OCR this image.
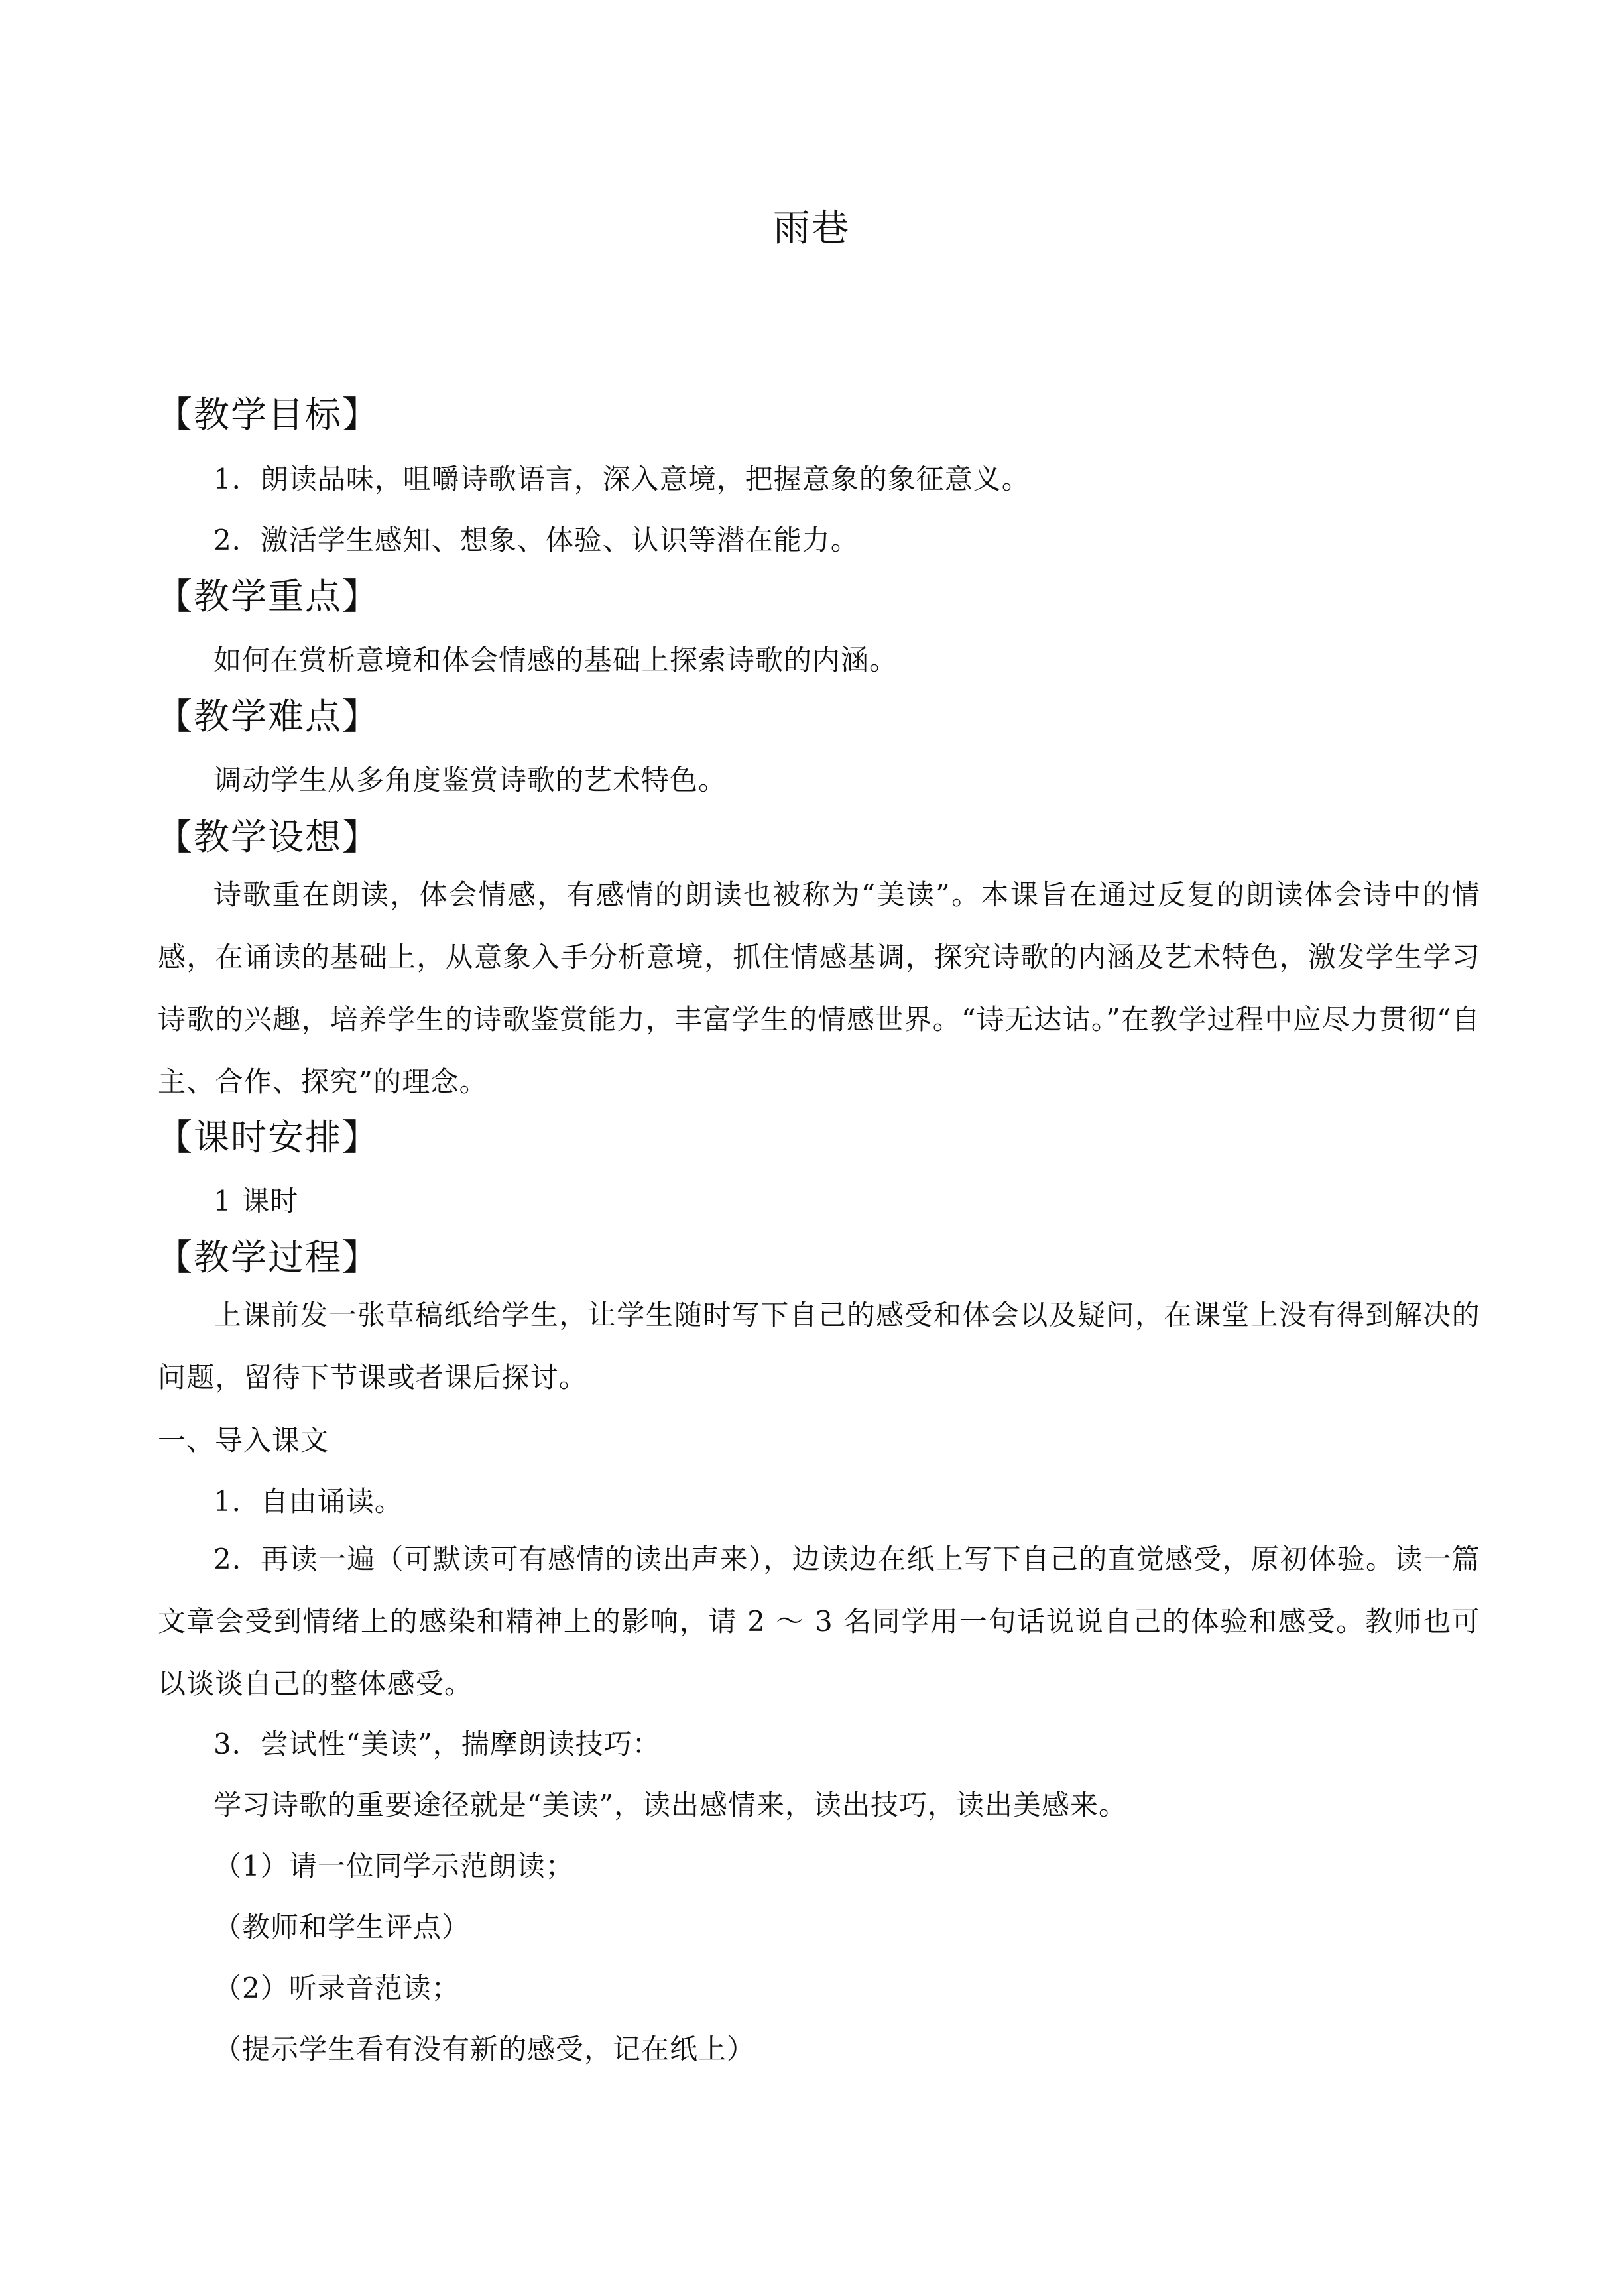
雨巷
【教学目标】
1．朗读品味，咀嚼诗歌语言，深入意境，把握意象的象征意义。
2．激活学生感知、想象、体验、认识等潜在能力。
【教学重点】
如何在赏析意境和体会情感的基础上探索诗歌的内涵。
【教学难点】
调动学生从多角度鉴赏诗歌的艺术特色。
【教学设想】
诗歌重在朗读，体会情感，有感情的朗读也被称为“美读”。本课旨在通过反复的朗读体会诗中的情感，在诵读的基础上，从意象入手分析意境，抓住情感基调，探究诗歌的内涵及艺术特色，激发学生学习诗歌的兴趣，培养学生的诗歌鉴赏能力，丰富学生的情感世界。“诗无达诂。”在教学过程中应尽力贯彻“自主、合作、探究”的理念。
【课时安排】
1 课时
【教学过程】
上课前发一张草稿纸给学生，让学生随时写下自己的感受和体会以及疑问，在课堂上没有得到解决的问题，留待下节课或者课后探讨。
一、导入课文
1．自由诵读。
2．再读一遍（可默读可有感情的读出声来），边读边在纸上写下自己的直觉感受，原初体验。读一篇文章会受到情绪上的感染和精神上的影响，请 2 ～ 3 名同学用一句话说说自己的体验和感受。教师也可以谈谈自己的整体感受。
3．尝试性“美读”，揣摩朗读技巧：
学习诗歌的重要途径就是“美读”，读出感情来，读出技巧，读出美感来。
（1）请一位同学示范朗读；
（教师和学生评点）
（2）听录音范读；
（提示学生看有没有新的感受，记在纸上）
